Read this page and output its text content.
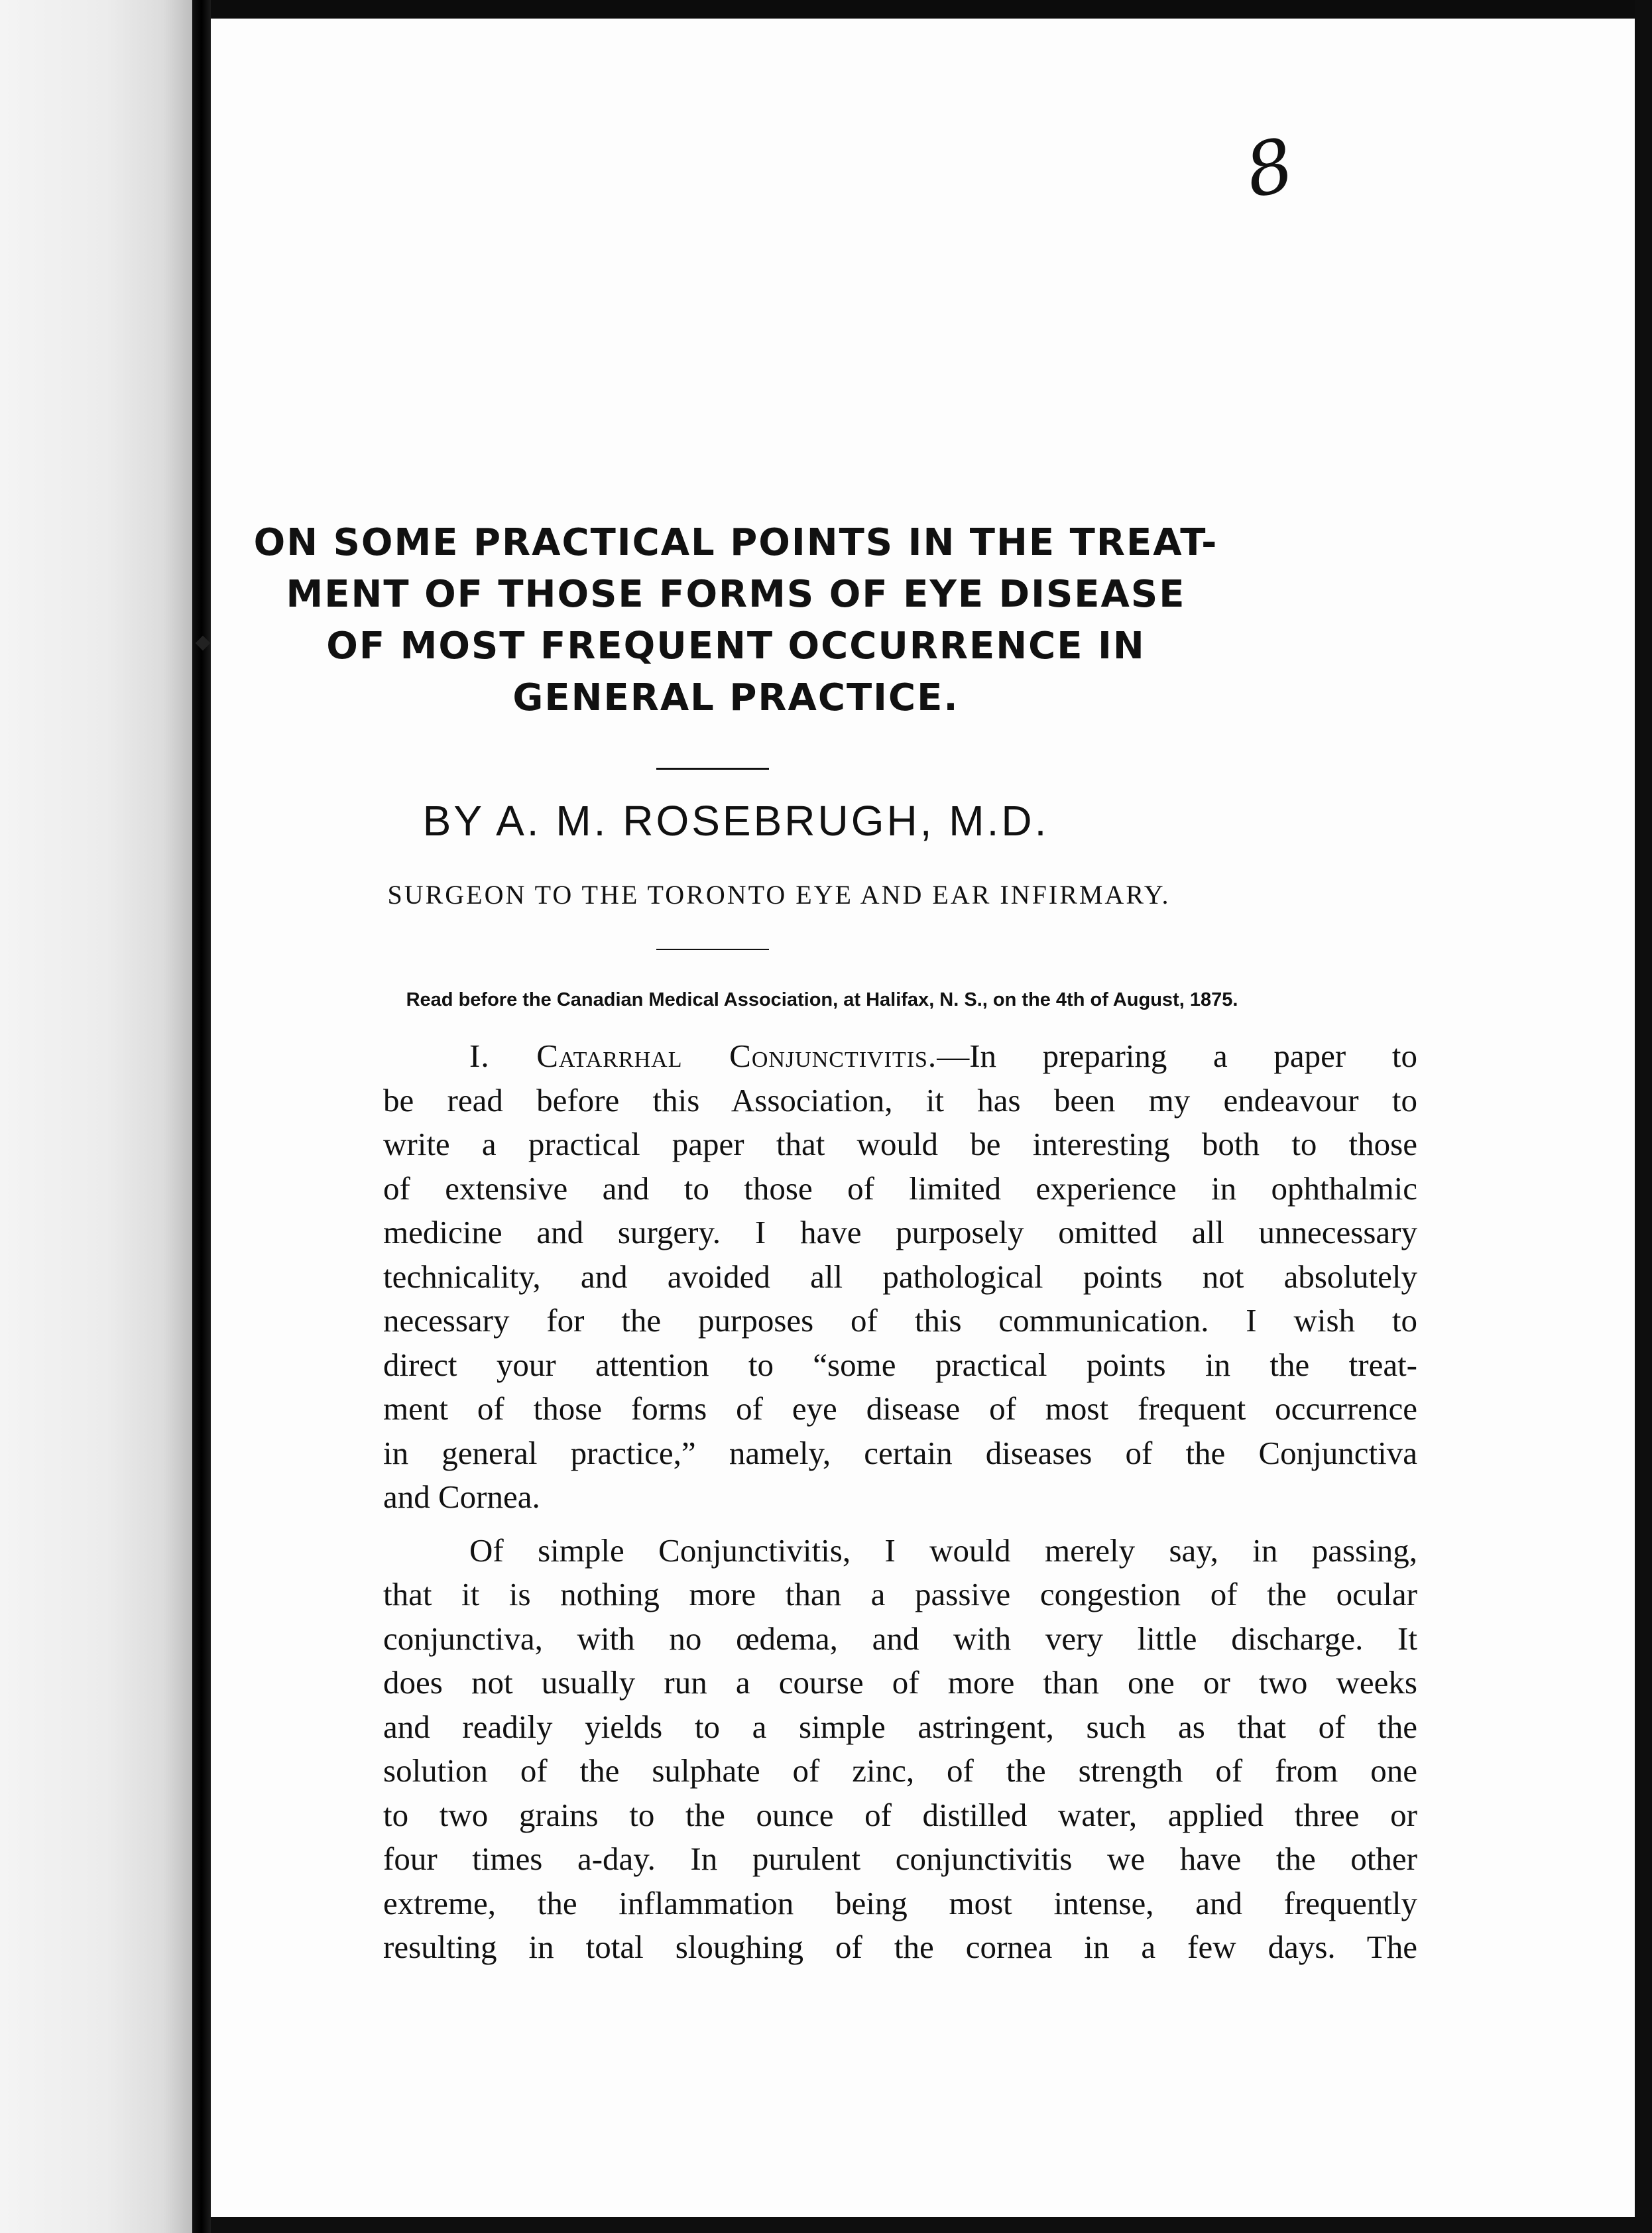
8
ON SOME PRACTICAL POINTS IN THE TREAT-
MENT OF THOSE FORMS OF EYE DISEASE
OF MOST FREQUENT OCCURRENCE IN
GENERAL PRACTICE.
BY A. M. ROSEBRUGH, M.D.
SURGEON TO THE TORONTO EYE AND EAR INFIRMARY.
Read before the Canadian Medical Association, at Halifax, N. S., on the 4th of August, 1875.

I. Catarrhal Conjunctivitis.—In preparing a paper to
be read before this Association, it has been my endeavour to
write a practical paper that would be interesting both to those
of extensive and to those of limited experience in ophthalmic
medicine and surgery. I have purposely omitted all unnecessary
technicality, and avoided all pathological points not absolutely
necessary for the purposes of this communication. I wish to
direct your attention to “some practical points in the treat-
ment of those forms of eye disease of most frequent occurrence
in general practice,” namely, certain diseases of the Conjunctiva
and Cornea.

Of simple Conjunctivitis, I would merely say, in passing,
that it is nothing more than a passive congestion of the ocular
conjunctiva, with no œdema, and with very little discharge. It
does not usually run a course of more than one or two weeks
and readily yields to a simple astringent, such as that of the
solution of the sulphate of zinc, of the strength of from one
to two grains to the ounce of distilled water, applied three or
four times a-day. In purulent conjunctivitis we have the other
extreme, the inflammation being most intense, and frequently
resulting in total sloughing of the cornea in a few days. The
